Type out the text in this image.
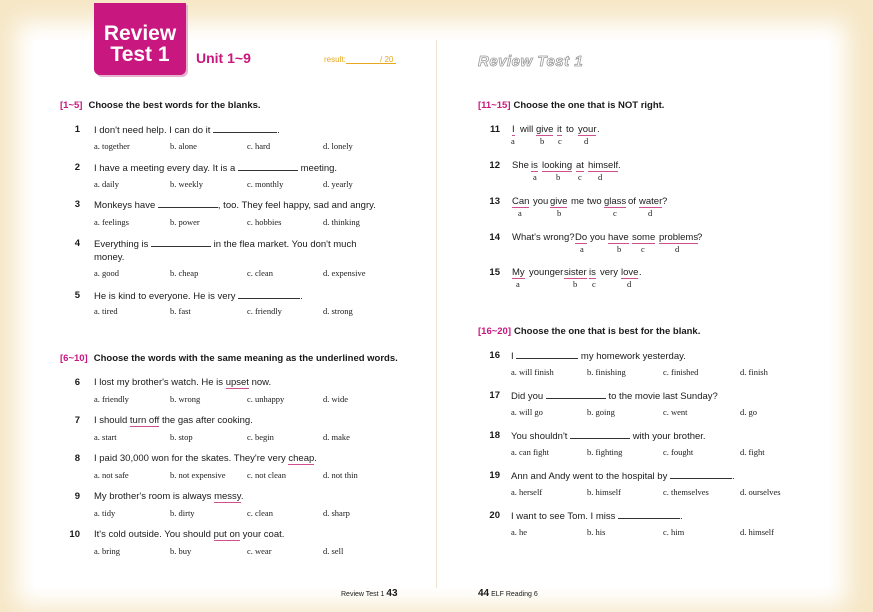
Review
Test 1	Unit 1~9	result:	/ 20
[1~5] Choose the best words for the blanks.
1 I don't need help. I can do it	.
a. together	b. alone	c. hard	d. lonely
2 I have a meeting every day. It is a	meeting.
a. daily	b. weekly	c. monthly	d. yearly
3 Monkeys have	, too. They feel happy, sad and angry.
a. feelings	b. power	c. hobbies	d. thinking
4 Everything is	in the flea market. You don't much
money.
a. good	b. cheap	c. clean	d. expensive
5 He is kind to everyone. He is very	.
a. tired	b. fast	c. friendly	d. strong
[6~10] Choose the words with the same meaning as the underlined words.
6 I lost my brother's watch. He is upset now.
a. friendly	b. wrong	c. unhappy	d. wide
7 I should turn off the gas after cooking.
a. start	b. stop	c. begin	d. make
8 I paid 30,000 won for the skates. They're very cheap.
a. not safe	b. not expensive	c. not clean	d. not thin
9 My brother's room is always messy.
a. tidy	b. dirty	c. clean	d. sharp
10 It's cold outside. You should put on your coat.
a. bring	b. buy	c. wear	d. sell
Review Test 1 43
Review Test 1
[11~15] Choose the one that is NOT right.
11 I will give it to your .
a	b c	d
12 She is looking at himself .
a b c d
13 Can you give me two glass of water ?
a	b	c	d
14 What's wrong? Do you have some problems
?
a	b c	d
15 My younger sister is very love .
a	b c	d
[16~20] Choose the one that is best for the blank.
16 I	my homework yesterday.
a. will finish	b. finishing	c. finished	d. finish
17 Did you	to the movie last Sunday?
a. will go	b. going	c. went	d. go
18 You shouldn't	with your brother.
a. can fight	b. fighting	c. fought	d. fight
19 Ann and Andy went to the hospital by	.
a. herself	b. himself	c. themselves	d. ourselves
20 I want to see Tom. I miss	.
a. he	b. his	c. him	d. himself
44 ELF Reading 6
